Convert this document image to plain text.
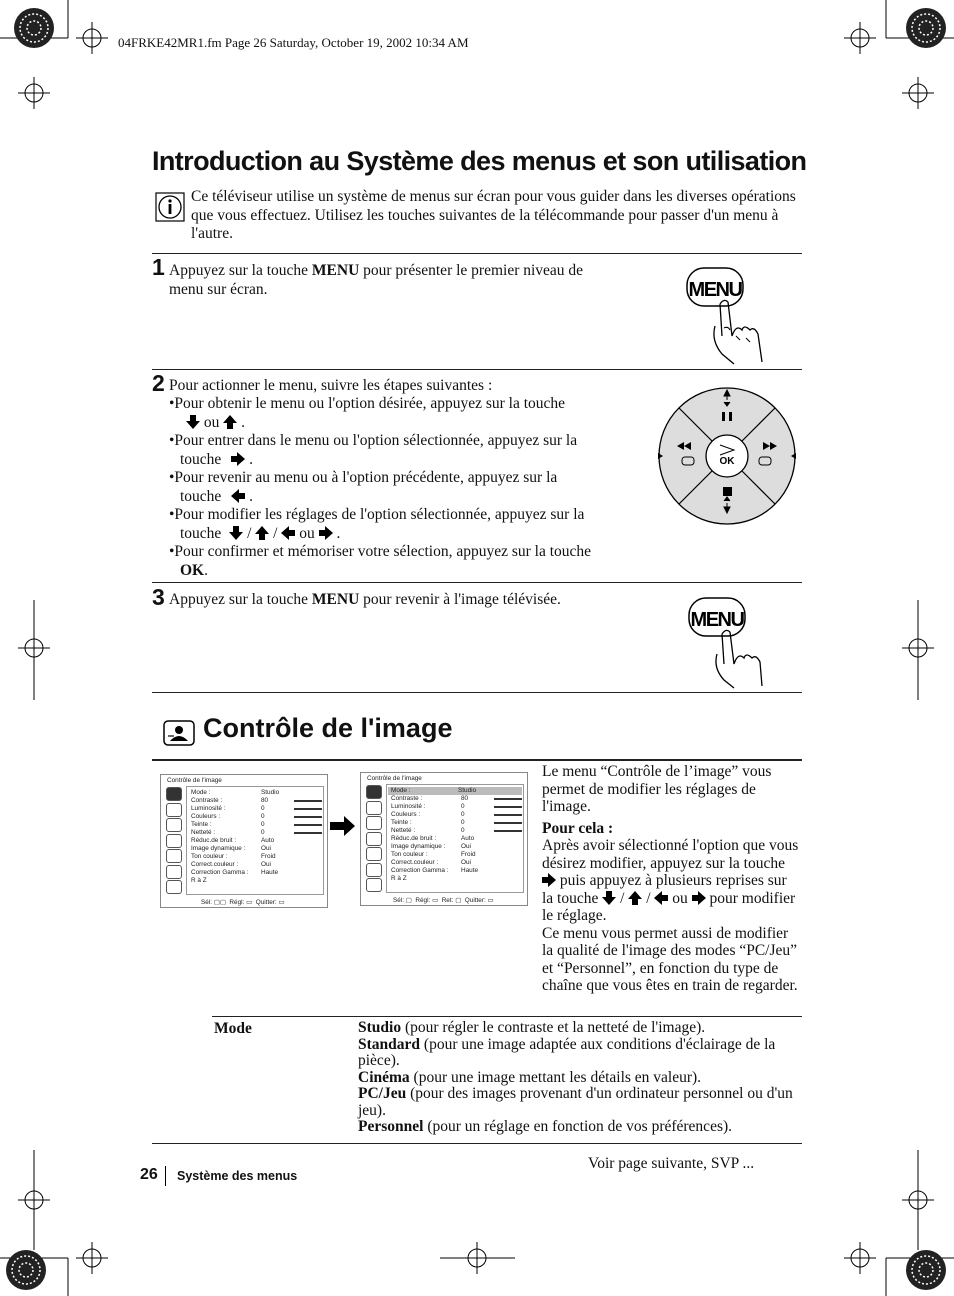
04FRKE42MR1.fm Page 26 Saturday, October 19, 2002 10:34 AM
Introduction au Système des menus et son utilisation
Ce téléviseur utilise un système de menus sur écran pour vous guider dans les diverses opérations que vous effectuez. Utilisez les touches suivantes de la télécommande pour passer d'un menu à l'autre.
1 Appuyez sur la touche MENU pour présenter le premier niveau de
menu sur écran.	MENU
2 Pour actionner le menu, suivre les étapes suivantes :
•Pour obtenir le menu ou l'option désirée, appuyez sur la touche
ou  .
•Pour entrer dans le menu ou l'option sélectionnée, appuyez sur la
touche  .
•Pour revenir au menu ou à l'option précédente, appuyez sur la
touche  .
•Pour modifier les réglages de l'option sélectionnée, appuyez sur la
touche  /  /  ou  .
•Pour confirmer et mémoriser votre sélection, appuyez sur la touche
OK.
OK
3 Appuyez sur la touche MENU pour revenir à l'image télévisée.
MENU
Contrôle de l'image
Contrôle de l'image
Mode :	Studio
Contraste :	80
Luminosité :	0
Couleurs :	0
Teinte :	0
Netteté :	0
Réduc.de bruit :	Auto
Image dynamique : Oui
Ton couleur :	Froid
Correct.couleur :	Oui
Correction Gamma : Haute
R à Z
Sél: ▢▢  Régl: ▭  Quitter: ▭
Contrôle de l'image
Mode :	Studio
Contraste :	80
Luminosité :	0
Couleurs :	0
Teinte :	0
Netteté :	0
Réduc.de bruit :	Auto
Image dynamique : Oui
Ton couleur :	Froid
Correct.couleur :	Oui
Correction Gamma : Haute
R à Z
Sél: ▢  Régl: ▭  Ret: ▢  Quitter: ▭
Le menu “Contrôle de l’image” vous permet de modifier les réglages de l'image.
Pour cela :
Après avoir sélectionné l'option que vous désirez modifier, appuyez sur la touche  puis appuyez à plusieurs reprises sur la touche  /  /  ou pour modifier le réglage.
Ce menu vous permet aussi de modifier la qualité de l'image des modes “PC/Jeu” et “Personnel”, en fonction du type de chaîne que vous êtes en train de regarder.
Mode	Studio (pour régler le contraste et la netteté de l'image).
Standard (pour une image adaptée aux conditions d'éclairage de la pièce).
Cinéma (pour une image mettant les détails en valeur).
PC/Jeu (pour des images provenant d'un ordinateur personnel ou d'un jeu).
Personnel (pour un réglage en fonction de vos préférences).
Voir page suivante, SVP ...
26 Système des menus
